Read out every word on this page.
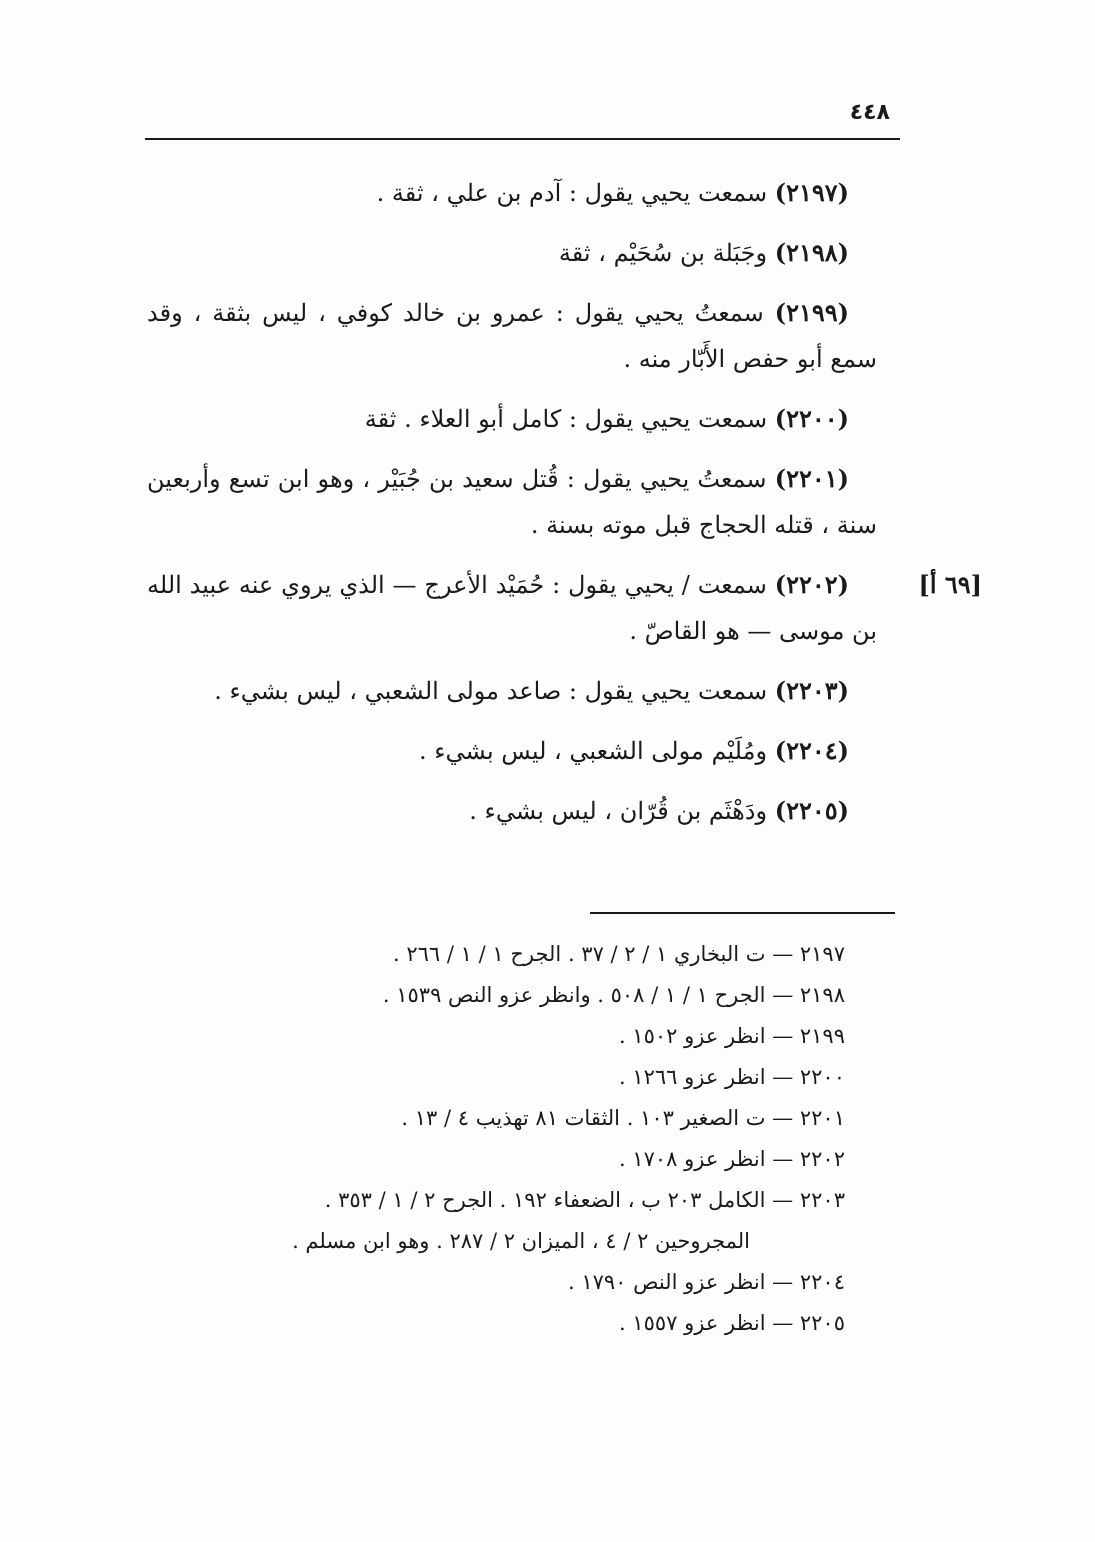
٤٤٨
(٢١٩٧) سمعت يحيي يقول : آدم بن علي ، ثقة .
(٢١٩٨) وجَبَلة بن سُحَيْم ، ثقة
(٢١٩٩) سمعتُ يحيي يقول : عمرو بن خالد كوفي ، ليس بثقة ، وقد سمع أبو حفص الأَبّار منه .
(٢٢٠٠) سمعت يحيي يقول : كامل أبو العلاء . ثقة
(٢٢٠١) سمعتُ يحيي يقول : قُتل سعيد بن جُبَيْر ، وهو ابن تسع وأربعين سنة ، قتله الحجاج قبل موته بسنة .
(٢٢٠٢) سمعت / يحيي يقول : حُمَيْد الأعرج — الذي يروي عنه عبيد الله بن موسى — هو القاصّ .
[٦٩ أ]
(٢٢٠٣) سمعت يحيي يقول : صاعد مولى الشعبي ، ليس بشيء .
(٢٢٠٤) ومُلَيْم مولى الشعبي ، ليس بشيء .
(٢٢٠٥) ودَهْثَم بن قُرّان ، ليس بشيء .
٢١٩٧ — ت البخاري ١ / ٢ / ٣٧ . الجرح ١ / ١ / ٢٦٦ .
٢١٩٨ — الجرح ١ / ١ / ٥٠٨ . وانظر عزو النص ١٥٣٩ .
٢١٩٩ — انظر عزو ١٥٠٢ .
٢٢٠٠ — انظر عزو ١٢٦٦ .
٢٢٠١ — ت الصغير ١٠٣ . الثقات ٨١ تهذيب ٤ / ١٣ .
٢٢٠٢ — انظر عزو ١٧٠٨ .
٢٢٠٣ — الكامل ٢٠٣ ب ، الضعفاء ١٩٢ . الجرح ٢ / ١ / ٣٥٣ .
المجروحين ٢ / ٤ ، الميزان ٢ / ٢٨٧ . وهو ابن مسلم .
٢٢٠٤ — انظر عزو النص ١٧٩٠ .
٢٢٠٥ — انظر عزو ١٥٥٧ .
